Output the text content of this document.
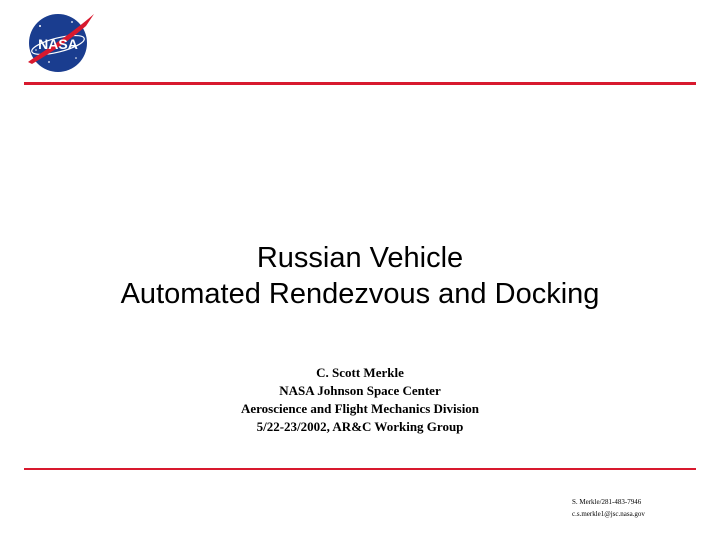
NASA
Russian Vehicle
Automated Rendezvous and Docking
C. Scott Merkle
NASA Johnson Space Center
Aeroscience and Flight Mechanics Division
5/22-23/2002, AR&C Working Group
S. Merkle/281-483-7946
c.s.merkle1@jsc.nasa.gov
